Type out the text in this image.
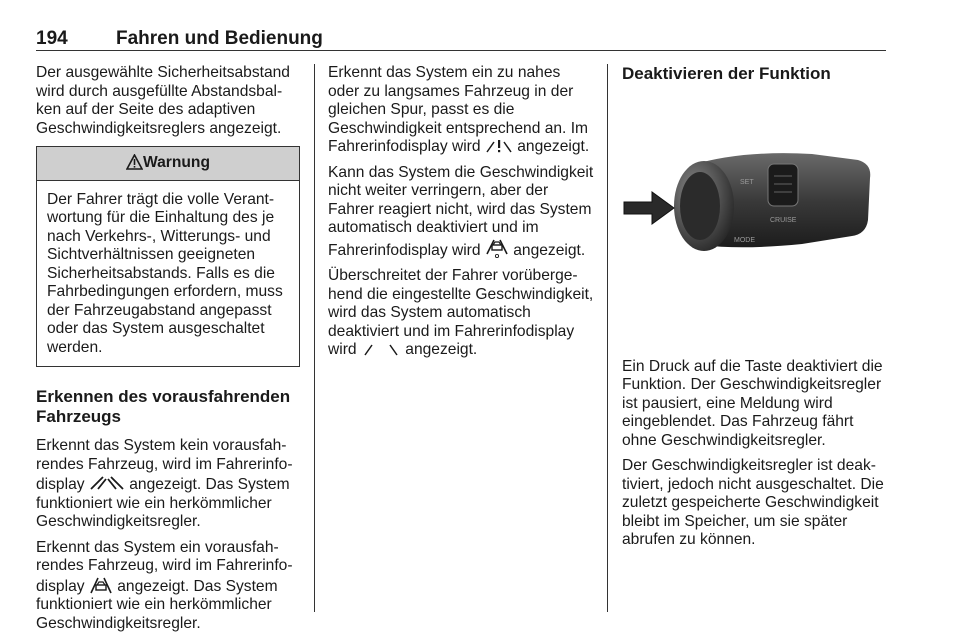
194	Fahren und Bedienung

Der ausgewählte Sicherheitsabstand wird durch ausgefüllte Abstandsbalken auf der Seite des adaptiven Geschwindigkeitsreglers angezeigt.

Warnung
Der Fahrer trägt die volle Verantwortung für die Einhaltung des je nach Verkehrs-, Witterungs- und Sichtverhältnissen geeigneten Sicherheitsabstands. Falls es die Fahrbedingungen erfordern, muss der Fahrzeugabstand angepasst oder das System ausgeschaltet werden.
Erkennen des vorausfahrenden Fahrzeugs

Erkennt das System kein vorausfahrendes Fahrzeug, wird im Fahrerinfodisplay	angezeigt. Das System funktioniert wie ein herkömmlicher Geschwindigkeitsregler.

Erkennt das System ein vorausfahrendes Fahrzeug, wird im Fahrerinfodisplay angezeigt. Das System funktioniert wie ein herkömmlicher Geschwindigkeitsregler.

Erkennt das System ein zu nahes oder zu langsames Fahrzeug in der gleichen Spur, passt es die Geschwindigkeit entsprechend an. Im Fahrerinfodisplay wird angezeigt.

Kann das System die Geschwindigkeit nicht weiter verringern, aber der Fahrer reagiert nicht, wird das System automatisch deaktiviert und im Fahrerinfodisplay wird angezeigt.

Überschreitet der Fahrer vorübergehend die eingestellte Geschwindigkeit, wird das System automatisch deaktiviert und im Fahrerinfodisplay wird	angezeigt.

Deaktivieren der Funktion
SET
CRUISE
MODE

Ein Druck auf die Taste deaktiviert die Funktion. Der Geschwindigkeitsregler ist pausiert, eine Meldung wird eingeblendet. Das Fahrzeug fährt ohne Geschwindigkeitsregler.

Der Geschwindigkeitsregler ist deaktiviert, jedoch nicht ausgeschaltet. Die zuletzt gespeicherte Geschwindigkeit bleibt im Speicher, um sie später abrufen zu können.
